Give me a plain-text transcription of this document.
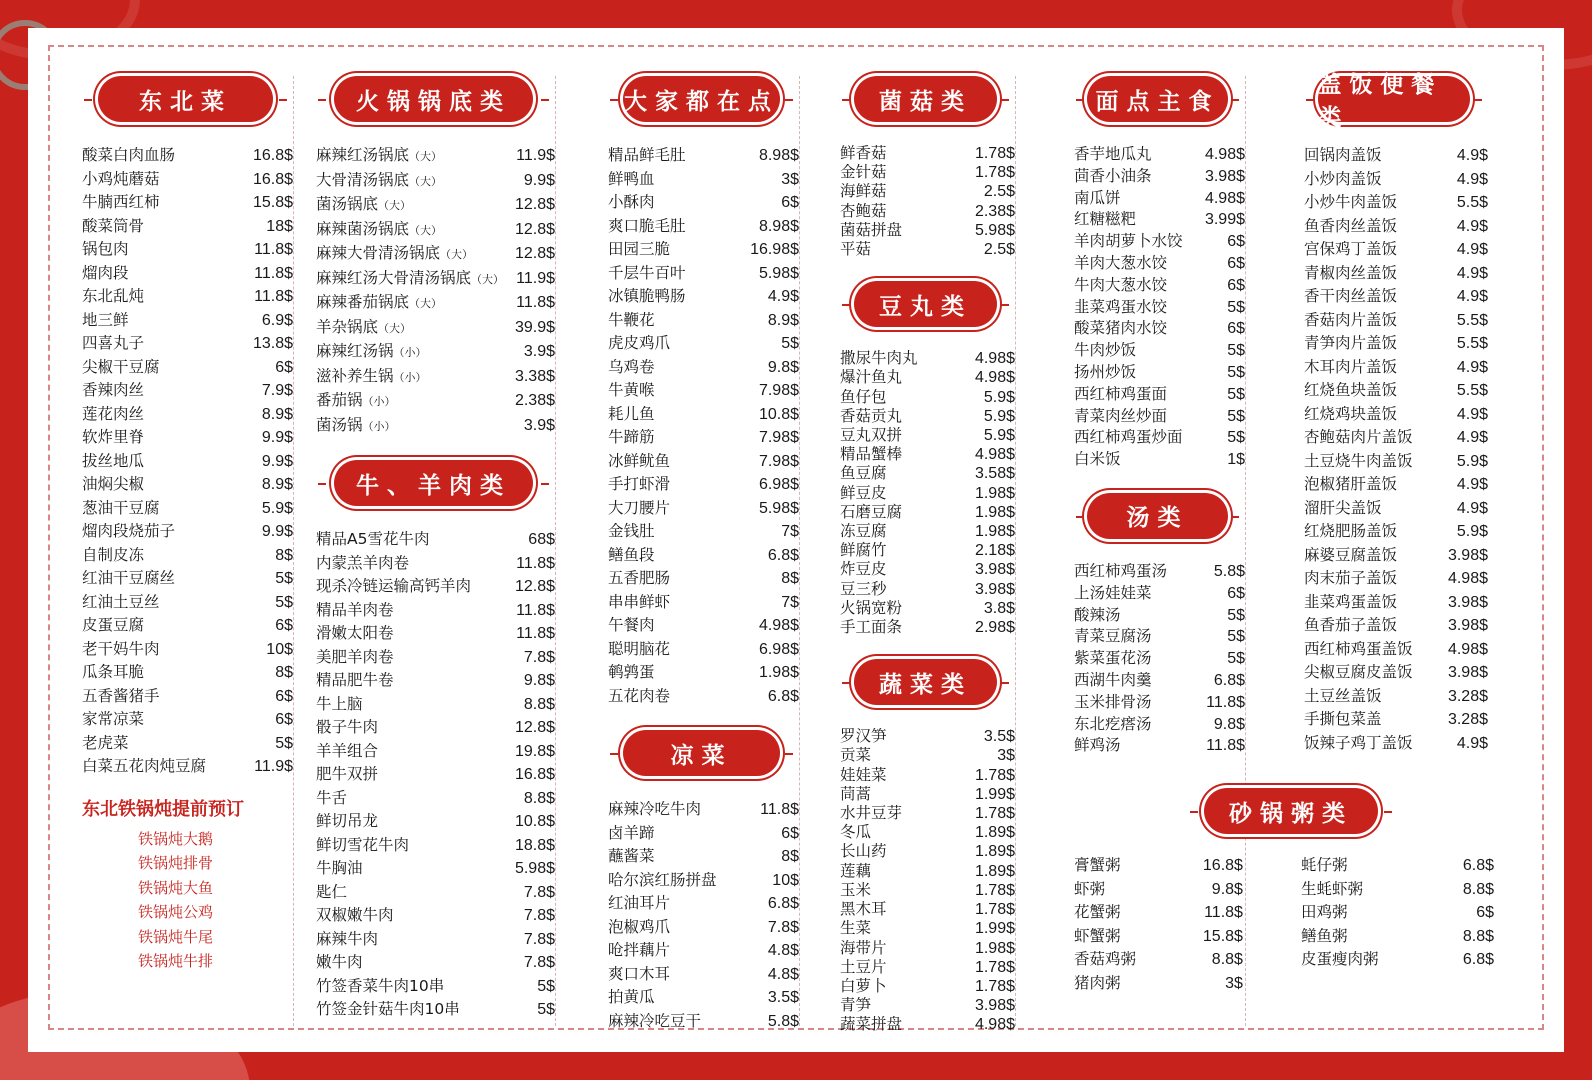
东北菜
酸菜白肉血肠	16.8$
小鸡炖蘑菇	16.8$
牛腩西红柿	15.8$
酸菜筒骨	18$
锅包肉	11.8$
熘肉段	11.8$
东北乱炖	11.8$
地三鲜	6.9$
四喜丸子	13.8$
尖椒干豆腐	6$
香辣肉丝	7.9$
莲花肉丝	8.9$
软炸里脊	9.9$
拔丝地瓜	9.9$
油焖尖椒	8.9$
葱油干豆腐	5.9$
熘肉段烧茄子	9.9$
自制皮冻	8$
红油干豆腐丝	5$
红油土豆丝	5$
皮蛋豆腐	6$
老干妈牛肉	10$
瓜条耳脆	8$
五香酱猪手	6$
家常凉菜	6$
老虎菜	5$
白菜五花肉炖豆腐	11.9$
东北铁锅炖提前预订
铁锅炖大鹅
铁锅炖排骨
铁锅炖大鱼
铁锅炖公鸡
铁锅炖牛尾
铁锅炖牛排
火锅锅底类
麻辣红汤锅底（大）	11.9$
大骨清汤锅底（大）	9.9$
菌汤锅底（大）	12.8$
麻辣菌汤锅底（大）	12.8$
麻辣大骨清汤锅底（大）	12.8$
麻辣红汤大骨清汤锅底（大） 11.9$
麻辣番茄锅底（大）	11.8$
羊杂锅底（大）	39.9$
麻辣红汤锅（小）	3.9$
滋补养生锅（小）	3.38$
番茄锅（小）	2.38$
菌汤锅（小）	3.9$
牛、羊肉类
精品A5雪花牛肉	68$
内蒙羔羊肉卷	11.8$
现杀冷链运输高钙羊肉	12.8$
精品羊肉卷	11.8$
滑嫩太阳卷	11.8$
美肥羊肉卷	7.8$
精品肥牛卷	9.8$
牛上脑	8.8$
骰子牛肉	12.8$
羊羊组合	19.8$
肥牛双拼	16.8$
牛舌	8.8$
鲜切吊龙	10.8$
鲜切雪花牛肉	18.8$
牛胸油	5.98$
匙仁	7.8$
双椒嫩牛肉	7.8$
麻辣牛肉	7.8$
嫩牛肉	7.8$
竹签香菜牛肉10串	5$
竹签金针菇牛肉10串	5$
大家都在点
精品鲜毛肚	8.98$
鲜鸭血	3$
小酥肉	6$
爽口脆毛肚	8.98$
田园三脆	16.98$
千层牛百叶	5.98$
冰镇脆鸭肠	4.9$
牛鞭花	8.9$
虎皮鸡爪	5$
乌鸡卷	9.8$
牛黄喉	7.98$
耗儿鱼	10.8$
牛蹄筋	7.98$
冰鲜鱿鱼	7.98$
手打虾滑	6.98$
大刀腰片	5.98$
金钱肚	7$
鳝鱼段	6.8$
五香肥肠	8$
串串鲜虾	7$
午餐肉	4.98$
聪明脑花	6.98$
鹌鹑蛋	1.98$
五花肉卷	6.8$
凉菜
麻辣冷吃牛肉	11.8$
卤羊蹄	6$
蘸酱菜	8$
哈尔滨红肠拼盘	10$
红油耳片	6.8$
泡椒鸡爪	7.8$
呛拌藕片	4.8$
爽口木耳	4.8$
拍黄瓜	3.5$
麻辣冷吃豆干	5.8$
菌菇类
鲜香菇	1.78$
金针菇	1.78$
海鲜菇	2.5$
杏鲍菇	2.38$
菌菇拼盘	5.98$
平菇	2.5$
豆丸类
撒尿牛肉丸	4.98$
爆汁鱼丸	4.98$
鱼仔包	5.9$
香菇贡丸	5.9$
豆丸双拼	5.9$
精品蟹棒	4.98$
鱼豆腐	3.58$
鲜豆皮	1.98$
石磨豆腐	1.98$
冻豆腐	1.98$
鲜腐竹	2.18$
炸豆皮	3.98$
豆三秒	3.98$
火锅宽粉	3.8$
手工面条	2.98$
蔬菜类
罗汉笋	3.5$
贡菜	3$
娃娃菜	1.78$
茼蒿	1.99$
水井豆芽	1.78$
冬瓜	1.89$
长山药	1.89$
莲藕	1.89$
玉米	1.78$
黑木耳	1.78$
生菜	1.99$
海带片	1.98$
土豆片	1.78$
白萝卜	1.78$
青笋	3.98$
蔬菜拼盘	4.98$
面点主食
香芋地瓜丸	4.98$
茴香小油条	3.98$
南瓜饼	4.98$
红糖糍粑	3.99$
羊肉胡萝卜水饺	6$
羊肉大葱水饺	6$
牛肉大葱水饺	6$
韭菜鸡蛋水饺	5$
酸菜猪肉水饺	6$
牛肉炒饭	5$
扬州炒饭	5$
西红柿鸡蛋面	5$
青菜肉丝炒面	5$
西红柿鸡蛋炒面	5$
白米饭	1$
汤类
西红柿鸡蛋汤	5.8$
上汤娃娃菜	6$
酸辣汤	5$
青菜豆腐汤	5$
紫菜蛋花汤	5$
西湖牛肉羹	6.8$
玉米排骨汤	11.8$
东北疙瘩汤	9.8$
鲜鸡汤	11.8$
盖饭便餐类
回锅肉盖饭	4.9$
小炒肉盖饭	4.9$
小炒牛肉盖饭	5.5$
鱼香肉丝盖饭	4.9$
宫保鸡丁盖饭	4.9$
青椒肉丝盖饭	4.9$
香干肉丝盖饭	4.9$
香菇肉片盖饭	5.5$
青笋肉片盖饭	5.5$
木耳肉片盖饭	4.9$
红烧鱼块盖饭	5.5$
红烧鸡块盖饭	4.9$
杏鲍菇肉片盖饭	4.9$
土豆烧牛肉盖饭	5.9$
泡椒猪肝盖饭	4.9$
溜肝尖盖饭	4.9$
红烧肥肠盖饭	5.9$
麻婆豆腐盖饭	3.98$
肉末茄子盖饭	4.98$
韭菜鸡蛋盖饭	3.98$
鱼香茄子盖饭	3.98$
西红柿鸡蛋盖饭 4.98$
尖椒豆腐皮盖饭 3.98$
土豆丝盖饭	3.28$
手撕包菜盖	3.28$
饭辣子鸡丁盖饭	4.9$
砂锅粥类
膏蟹粥	16.8$
虾粥	9.8$
花蟹粥	11.8$
虾蟹粥	15.8$
香菇鸡粥	8.8$
猪肉粥	3$
蚝仔粥	6.8$
生蚝虾粥	8.8$
田鸡粥	6$
鳝鱼粥	8.8$
皮蛋瘦肉粥	6.8$
